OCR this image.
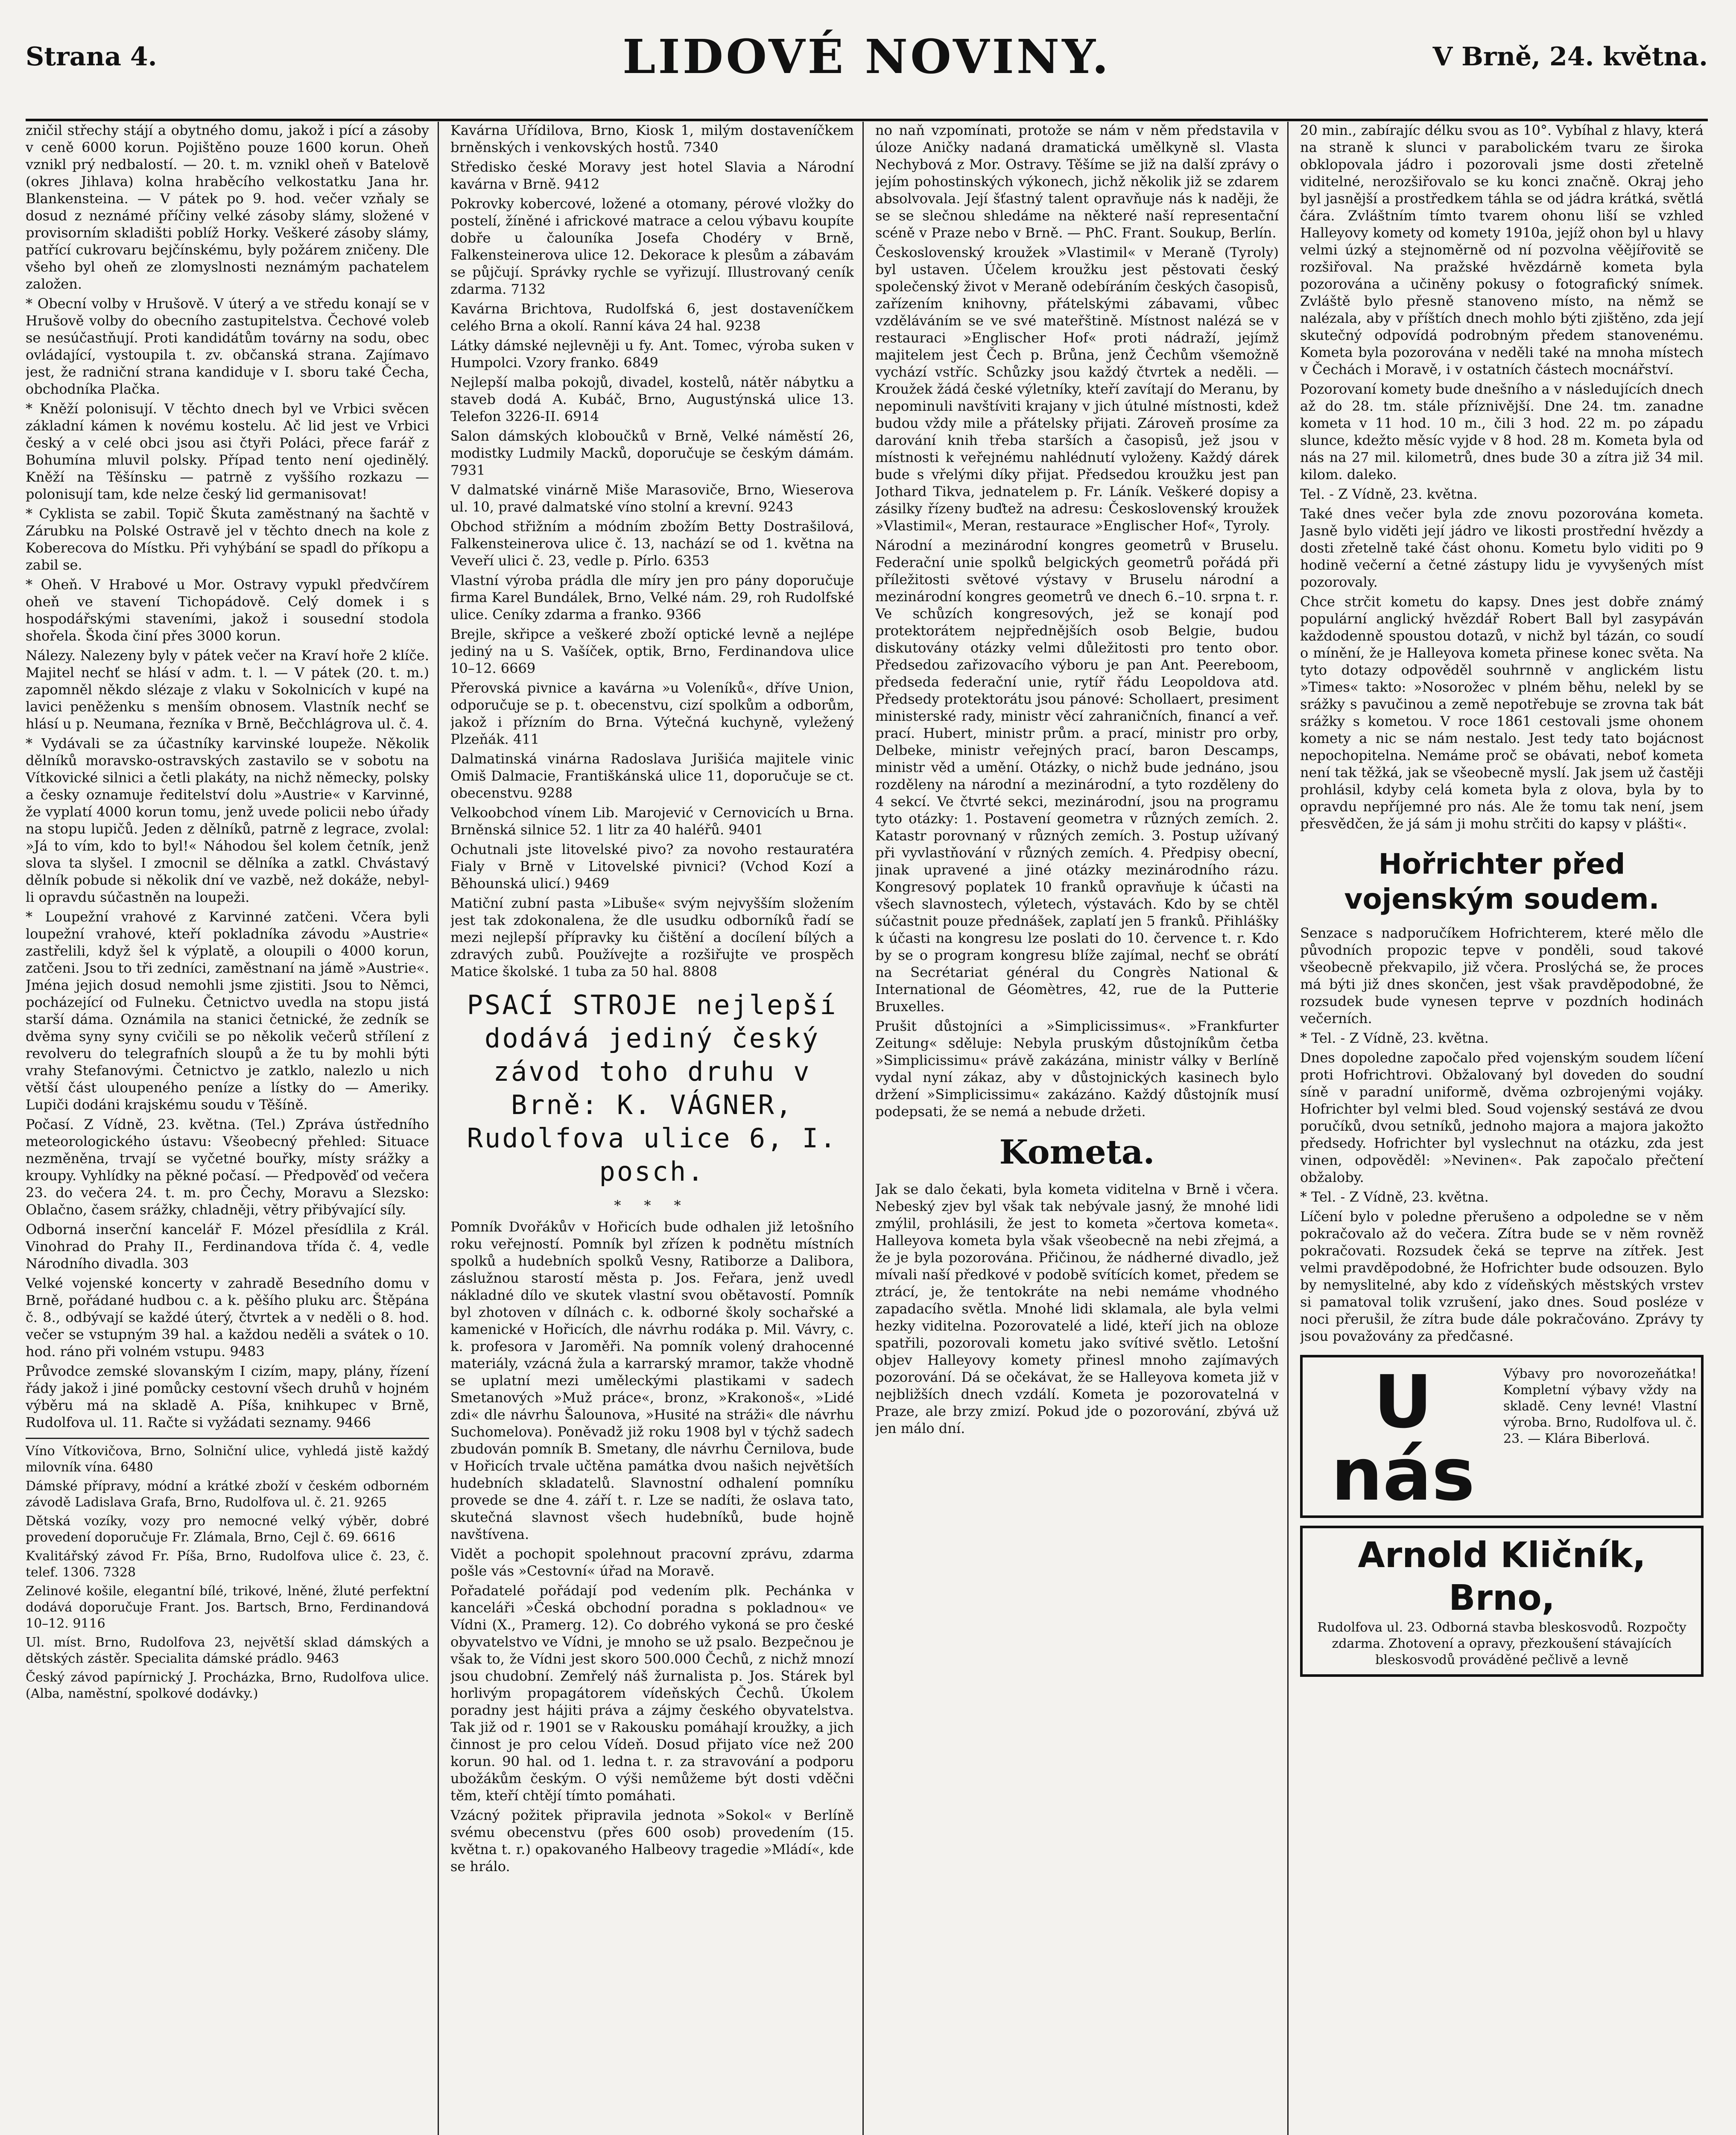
Strana 4.	LIDOVÉ NOVINY.	V Brně, 24. května.

zničil střechy stájí a obytného domu, jakož i pící a zásoby v ceně 6000 korun. Pojištěno pouze 1600 korun. Oheň vznikl prý nedbalostí. — 20. t. m. vznikl oheň v Batelově (okres Jihlava) kolna hraběcího velkostatku Jana hr. Blankensteina. — V pátek po 9. hod. večer vzňaly se dosud z neznámé příčiny velké zásoby slámy, složené v provisorním skladišti poblíž Horky. Veškeré zásoby slámy, patřící cukrovaru bejčínskému, byly požárem zničeny. Dle všeho byl oheň ze zlomyslnosti neznámým pachatelem založen.

* Obecní volby v Hrušově. V úterý a ve středu konají se v Hrušově volby do obecního zastupitelstva. Čechové voleb se nesúčastňují. Proti kandidátům továrny na sodu, obec ovládající, vystoupila t. zv. občanská strana. Zajímavo jest, že radniční strana kandiduje v I. sboru také Čecha, obchodníka Plačka.

* Kněží polonisují. V těchto dnech byl ve Vrbici svěcen základní kámen k novému kostelu. Ač lid jest ve Vrbici český a v celé obci jsou asi čtyři Poláci, přece farář z Bohumína mluvil polsky. Případ tento není ojedinělý. Kněží na Těšínsku — patrně z vyššího rozkazu — polonisují tam, kde nelze český lid germanisovat!

* Cyklista se zabil. Topič Škuta zaměstnaný na šachtě v Zárubku na Polské Ostravě jel v těchto dnech na kole z Koberecova do Místku. Při vyhýbání se spadl do příkopu a zabil se.

* Oheň. V Hrabové u Mor. Ostravy vypukl předvčírem oheň ve stavení Tichopádově. Celý domek i s hospodářskými staveními, jakož i sousední stodola shořela. Škoda činí přes 3000 korun.

Nálezy. Nalezeny byly v pátek večer na Kraví hoře 2 klíče. Majitel nechť se hlásí v adm. t. l. — V pátek (20. t. m.) zapomněl někdo slézaje z vlaku v Sokolnicích v kupé na lavici peněženku s menším obnosem. Vlastník nechť se hlásí u p. Neumana, řezníka v Brně, Bečchlágrova ul. č. 4.

* Vydávali se za účastníky karvinské loupeže. Několik dělníků moravsko-ostravských zastavilo se v sobotu na Vítkovické silnici a četli plakáty, na nichž německy, polsky a česky oznamuje ředitelství dolu »Austrie« v Karvinné, že vyplatí 4000 korun tomu, jenž uvede policii nebo úřady na stopu lupičů. Jeden z dělníků, patrně z legrace, zvolal: »Já to vím, kdo to byl!« Náhodou šel kolem četník, jenž slova ta slyšel. I zmocnil se dělníka a zatkl. Chvástavý dělník pobude si několik dní ve vazbě, než dokáže, nebyl-li opravdu súčastněn na loupeži.

* Loupežní vrahové z Karvinné zatčeni. Včera byli loupežní vrahové, kteří pokladníka závodu »Austrie« zastřelili, když šel k výplatě, a oloupili o 4000 korun, zatčeni. Jsou to tři zedníci, zaměstnaní na jámě »Austrie«. Jména jejich dosud nemohli jsme zjistiti. Jsou to Němci, pocházející od Fulneku. Četnictvo uvedla na stopu jistá starší dáma. Oznámila na stanici četnické, že zedník se dvěma syny syny cvičili se po několik večerů střílení z revolveru do telegrafních sloupů a že tu by mohli býti vrahy Stefanovými. Četnictvo je zatklo, nalezlo u nich větší část uloupeného peníze a lístky do — Ameriky. Lupiči dodáni krajskému soudu v Těšíně.

Počasí. Z Vídně, 23. května. (Tel.) Zpráva ústředního meteorologického ústavu: Všeobecný přehled: Situace nezměněna, trvají se vyčetné bouřky, místy srážky a kroupy. Vyhlídky na pěkné počasí. — Předpověď od večera 23. do večera 24. t. m. pro Čechy, Moravu a Slezsko: Oblačno, časem srážky, chladněji, větry přibývající síly.

Odborná inserční kancelář F. Mózel přesídlila z Král. Vinohrad do Prahy II., Ferdinandova třída č. 4, vedle Národního divadla. 303

Velké vojenské koncerty v zahradě Besedního domu v Brně, pořádané hudbou c. a k. pěšího pluku arc. Štěpána č. 8., odbývají se každé úterý, čtvrtek a v neděli o 8. hod. večer se vstupným 39 hal. a každou neděli a svátek o 10. hod. ráno při volném vstupu. 9483

Průvodce zemské slovanským I cizím, mapy, plány, řízení řády jakož i jiné pomůcky cestovní všech druhů v hojném výběru má na skladě A. Píša, knihkupec v Brně, Rudolfova ul. 11. Račte si vyžádati seznamy. 9466

Víno Vítkovičova, Brno, Solniční ulice, vyhledá jistě každý milovník vína. 6480

Dámské přípravy, módní a krátké zboží v českém odborném závodě Ladislava Grafa, Brno, Rudolfova ul. č. 21. 9265

Dětská vozíky, vozy pro nemocné velký výběr, dobré provedení doporučuje Fr. Zlámala, Brno, Cejl č. 69. 6616

Kvalitářský závod Fr. Píša, Brno, Rudolfova ulice č. 23, č. telef. 1306. 7328

Zelinové košile, elegantní bílé, trikové, lněné, žluté perfektní dodává doporučuje Frant. Jos. Bartsch, Brno, Ferdinandová 10–12. 9116

Ul. míst. Brno, Rudolfova 23, největší sklad dámských a dětských zástěr. Specialita dámské prádlo. 9463

Český závod papírnický J. Procházka, Brno, Rudolfova ulice. (Alba, naměstní, spolkové dodávky.)

Kavárna Uřídilova, Brno, Kiosk 1, milým dostaveníčkem brněnských i venkovských hostů. 7340

Středisko české Moravy jest hotel Slavia a Národní kavárna v Brně. 9412

Pokrovky kobercové, ložené a otomany, pérové vložky do postelí, žíněné i africkové matrace a celou výbavu koupíte dobře u čalouníka Josefa Chodéry v Brně, Falkensteinerova ulice 12. Dekorace k plesům a zábavám se půjčují. Správky rychle se vyřizují. Illustrovaný ceník zdarma. 7132

Kavárna Brichtova, Rudolfská 6, jest dostaveníčkem celého Brna a okolí. Ranní káva 24 hal. 9238

Látky dámské nejlevněji u fy. Ant. Tomec, výroba suken v Humpolci. Vzory franko. 6849

Nejlepší malba pokojů, divadel, kostelů, nátěr nábytku a staveb dodá A. Kubáč, Brno, Augustýnská ulice 13. Telefon 3226-II. 6914

Salon dámských kloboučků v Brně, Velké náměstí 26, modistky Ludmily Macků, doporučuje se českým dámám. 7931

V dalmatské vinárně Miše Marasoviče, Brno, Wieserova ul. 10, pravé dalmatské víno stolní a krevní. 9243

Obchod střižním a módním zbožím Betty Dostrašilová, Falkensteinerova ulice č. 13, nachází se od 1. května na Veveří ulici č. 23, vedle p. Pírlo. 6353

Vlastní výroba prádla dle míry jen pro pány doporučuje firma Karel Bundálek, Brno, Velké nám. 29, roh Rudolfské ulice. Ceníky zdarma a franko. 9366

Brejle, skřipce a veškeré zboží optické levně a nejlépe jediný na u S. Vašíček, optik, Brno, Ferdinandova ulice 10–12. 6669

Přerovská pivnice a kavárna »u Voleníků«, dříve Union, odporučuje se p. t. obecenstvu, cizí spolkům a odborům, jakož i přízním do Brna. Výtečná kuchyně, vyležený Plzeňák. 411

Dalmatinská vinárna Radoslava Jurišića majitele vinic Omiš Dalmacie, Františkánská ulice 11, doporučuje se ct. obecenstvu. 9288

Velkoobchod vínem Lib. Marojević v Cernovicích u Brna. Brněnská silnice 52. 1 litr za 40 haléřů. 9401

Ochutnali jste litovelské pivo? za novoho restauratéra Fialy v Brně v Litovelské pivnici? (Vchod Kozí a Běhounská ulicí.) 9469

Matiční zubní pasta »Libuše« svým nejvyšším složením jest tak zdokonalena, že dle usudku odborníků řadí se mezi nejlepší přípravky ku čištění a docílení bílých a zdravých zubů. Používejte a rozšiřujte ve prospěch Matice školské. 1 tuba za 50 hal. 8808

PSACÍ STROJE nejlepší dodává jediný český závod toho druhu v Brně: K. VÁGNER, Rudolfova ulice 6, I. posch.
* * *

Pomník Dvořákův v Hořicích bude odhalen již letošního roku veřejností. Pomník byl zřízen k podnětu místních spolků a hudebních spolků Vesny, Ratiborze a Dalibora, záslužnou starostí města p. Jos. Feřara, jenž uvedl nákladné dílo ve skutek vlastní svou obětavostí. Pomník byl zhotoven v dílnách c. k. odborné školy sochařské a kamenické v Hořicích, dle návrhu rodáka p. Mil. Vávry, c. k. profesora v Jaroměři. Na pomník volený drahocenné materiály, vzácná žula a karrarský mramor, takže vhodně se uplatní mezi uměleckými plastikami v sadech Smetanových »Muž práce«, bronz, »Krakonoš«, »Lidé zdi« dle návrhu Šalounova, »Husité na stráži« dle návrhu Suchomelova). Poněvadž již roku 1908 byl v týchž sadech zbudován pomník B. Smetany, dle návrhu Černilova, bude v Hořicích trvale učtěna památka dvou našich největších hudebních skladatelů. Slavnostní odhalení pomníku provede se dne 4. září t. r. Lze se nadíti, že oslava tato, skutečná slavnost všech hudebníků, bude hojně navštívena.

Vidět a pochopit spolehnout pracovní zprávu, zdarma pošle vás »Cestovní« úřad na Moravě.

Pořadatelé pořádají pod vedením plk. Pechánka v kanceláři »Česká obchodní poradna s pokladnou« ve Vídni (X., Pramerg. 12). Co dobrého vykoná se pro české obyvatelstvo ve Vídni, je mnoho se už psalo. Bezpečnou je však to, že Vídni jest skoro 500.000 Čechů, z nichž mnozí jsou chudobní. Zemřelý náš žurnalista p. Jos. Stárek byl horlivým propagátorem vídeňských Čechů. Úkolem poradny jest hájiti práva a zájmy českého obyvatelstva. Tak již od r. 1901 se v Rakousku pomáhají kroužky, a jich činnost je pro celou Vídeň. Dosud přijato více než 200 korun. 90 hal. od 1. ledna t. r. za stravování a podporu ubožákům českým. O výši nemůžeme být dosti vděčni těm, kteří chtějí tímto pomáhati.

Vzácný požitek připravila jednota »Sokol« v Berlíně svému obecenstvu (přes 600 osob) provedením (15. května t. r.) opakovaného Halbeovy tragedie »Mládí«, kde se hrálo.

no naň vzpomínati, protože se nám v něm představila v úloze Aničky nadaná dramatická umělkyně sl. Vlasta Nechybová z Mor. Ostravy. Těšíme se již na další zprávy o jejím pohostinských výkonech, jichž několik již se zdarem absolvovala. Její šťastný talent opravňuje nás k naději, že se se slečnou shledáme na některé naší representační scéně v Praze nebo v Brně. — PhC. Frant. Soukup, Berlín.

Československý kroužek »Vlastimil« v Meraně (Tyroly) byl ustaven. Účelem kroužku jest pěstovati český společenský život v Meraně odebíráním českých časopisů, zařízením knihovny, přátelskými zábavami, vůbec vzděláváním se ve své mateřštině. Místnost nalézá se v restauraci »Englischer Hof« proti nádraží, jejímž majitelem jest Čech p. Brůna, jenž Čechům všemožně vychází vstříc. Schůzky jsou každý čtvrtek a neděli. — Kroužek žádá české výletníky, kteří zavítají do Meranu, by nepominuli navštíviti krajany v jich útulné místnosti, kdež budou vždy mile a přátelsky přijati. Zároveň prosíme za darování knih třeba starších a časopisů, jež jsou v místnosti k veřejnému nahlédnutí vyloženy. Každý dárek bude s vřelými díky přijat. Předsedou kroužku jest pan Jothard Tikva, jednatelem p. Fr. Láník. Veškeré dopisy a zásilky řízeny buďtež na adresu: Československý kroužek »Vlastimil«, Meran, restaurace »Englischer Hof«, Tyroly.

Národní a mezinárodní kongres geometrů v Bruselu. Federační unie spolků belgických geometrů pořádá při příležitosti světové výstavy v Bruselu národní a mezinárodní kongres geometrů ve dnech 6.–10. srpna t. r. Ve schůzích kongresových, jež se konají pod protektorátem nejpřednějších osob Belgie, budou diskutovány otázky velmi důležitosti pro tento obor. Předsedou zařizovacího výboru je pan Ant. Peereboom, předseda federační unie, rytíř řádu Leopoldova atd. Předsedy protektorátu jsou pánové: Schollaert, presiment ministerské rady, ministr věcí zahraničních, financí a veř. prací. Hubert, ministr prům. a prací, ministr pro orby, Delbeke, ministr veřejných prací, baron Descamps, ministr věd a umění. Otázky, o nichž bude jednáno, jsou rozděleny na národní a mezinárodní, a tyto rozděleny do 4 sekcí. Ve čtvrté sekci, mezinárodní, jsou na programu tyto otázky: 1. Postavení geometra v různých zemích. 2. Katastr porovnaný v různých zemích. 3. Postup užívaný při vyvlastňování v různých zemích. 4. Předpisy obecní, jinak upravené a jiné otázky mezinárodního rázu. Kongresový poplatek 10 franků opravňuje k účasti na všech slavnostech, výletech, výstavách. Kdo by se chtěl súčastnit pouze přednášek, zaplatí jen 5 franků. Přihlášky k účasti na kongresu lze poslati do 10. července t. r. Kdo by se o program kongresu blíže zajímal, nechť se obrátí na Secrétariat général du Congrès National & International de Géomètres, 42, rue de la Putterie Bruxelles.

Prušit důstojníci a »Simplicissimus«. »Frankfurter Zeitung« sděluje: Nebyla pruským důstojníkům četba »Simplicissimu« právě zakázána, ministr války v Berlíně vydal nyní zákaz, aby v důstojnických kasinech bylo držení »Simplicissimu« zakázáno. Každý důstojník musí podepsati, že se nemá a nebude držeti.

Kometa.

Jak se dalo čekati, byla kometa viditelna v Brně i včera. Nebeský zjev byl však tak nebývale jasný, že mnohé lidi zmýlil, prohlásili, že jest to kometa »čertova kometa«. Halleyova kometa byla však všeobecně na nebi zřejmá, a že je byla pozorována. Přičinou, že nádherné divadlo, jež mívali naší předkové v podobě svítících komet, předem se ztrácí, je, že tentokráte na nebi nemáme vhodného zapadacího světla. Mnohé lidi sklamala, ale byla velmi hezky viditelna. Pozorovatelé a lidé, kteří jich na obloze spatřili, pozorovali kometu jako svítivé světlo. Letošní objev Halleyovy komety přinesl mnoho zajímavých pozorování. Dá se očekávat, že se Halleyova kometa již v nejbližších dnech vzdálí. Kometa je pozorovatelná v Praze, ale brzy zmizí. Pokud jde o pozorování, zbývá už jen málo dní.

20 min., zabírajíc délku svou as 10°. Vybíhal z hlavy, která na straně k slunci v parabolickém tvaru ze široka obklopovala jádro i pozorovali jsme dosti zřetelně viditelné, nerozšiřovalo se ku konci značně. Okraj jeho byl jasnější a prostředkem táhla se od jádra krátká, světlá čára. Zvláštním tímto tvarem ohonu liší se vzhled Halleyovy komety od komety 1910a, jejíž ohon byl u hlavy velmi úzký a stejnoměrně od ní pozvolna věějířovitě se rozšiřoval. Na pražské hvězdárně kometa byla pozorována a učiněny pokusy o fotografický snímek. Zvláště bylo přesně stanoveno místo, na němž se nalézala, aby v příštích dnech mohlo býti zjištěno, zda její skutečný odpovídá podrobným předem stanovenému. Kometa byla pozorována v neděli také na mnoha místech v Čechách i Moravě, i v ostatních částech mocnářství.

Pozorovaní komety bude dnešního a v následujících dnech až do 28. tm. stále příznivější. Dne 24. tm. zanadne kometa v 11 hod. 10 m., čili 3 hod. 22 m. po západu slunce, kdežto měsíc vyjde v 8 hod. 28 m. Kometa byla od nás na 27 mil. kilometrů, dnes bude 30 a zítra již 34 mil. kilom. daleko.

Tel. - Z Vídně, 23. května.

Také dnes večer byla zde znovu pozorována kometa. Jasně bylo viděti její jádro ve likosti prostřední hvězdy a dosti zřetelně také část ohonu. Kometu bylo viditi po 9 hodině večerní a četné zástupy lidu je vyvyšených míst pozorovaly.

Chce strčit kometu do kapsy. Dnes jest dobře známý populární anglický hvězdář Robert Ball byl zasypáván každodenně spoustou dotazů, v nichž byl tázán, co soudí o mínění, že je Halleyova kometa přinese konec světa. Na tyto dotazy odpověděl souhrnně v anglickém listu »Times« takto: »Nosorožec v plném běhu, nelekl by se srážky s pavučinou a země nepotřebuje se zrovna tak bát srážky s kometou. V roce 1861 cestovali jsme ohonem komety a nic se nám nestalo. Jest tedy tato bojácnost nepochopitelna. Nemáme proč se obávati, neboť kometa není tak těžká, jak se všeobecně myslí. Jak jsem už častěji prohlásil, kdyby celá kometa byla z olova, byla by to opravdu nepříjemné pro nás. Ale že tomu tak není, jsem přesvědčen, že já sám ji mohu strčiti do kapsy v plášti«.

Hořrichter před vojenským soudem.

Senzace s nadporučíkem Hofrichterem, které mělo dle původních propozic tepve v ponděli, soud takové všeobecně překvapilo, již včera. Proslýchá se, že proces má býti již dnes skončen, jest však pravděpodobné, že rozsudek bude vynesen teprve v pozdních hodinách večerních.

* Tel. - Z Vídně, 23. května.

Dnes dopoledne započalo před vojenským soudem líčení proti Hofrichtrovi. Obžalovaný byl doveden do soudní síně v paradní uniformě, dvěma ozbrojenými vojáky. Hofrichter byl velmi bled. Soud vojenský sestává ze dvou poručíků, dvou setníků, jednoho majora a majora jakožto předsedy. Hofrichter byl vyslechnut na otázku, zda jest vinen, odpověděl: »Nevinen«. Pak započalo přečtení obžaloby.

* Tel. - Z Vídně, 23. května.

Líčení bylo v poledne přerušeno a odpoledne se v něm pokračovalo až do večera. Zítra bude se v něm rovněž pokračovati. Rozsudek čeká se teprve na zítřek. Jest velmi pravděpodobné, že Hofrichter bude odsouzen. Bylo by nemyslitelné, aby kdo z vídeňských městských vrstev si pamatoval tolik vzrušení, jako dnes. Soud posléze v noci přerušil, že zítra bude dále pokračováno. Zprávy ty jsou považovány za předčasné.

U nás
Výbavy pro novorozeňátka! Kompletní výbavy vždy na skladě. Ceny levné! Vlastní výroba. Brno, Rudolfova ul. č. 23. — Klára Biberlová.
Arnold Kličník, Brno,
Rudolfova ul. 23. Odborná stavba bleskosvodů. Rozpočty zdarma. Zhotovení a opravy, přezkoušení stávajících bleskosvodů prováděné pečlivě a levně
